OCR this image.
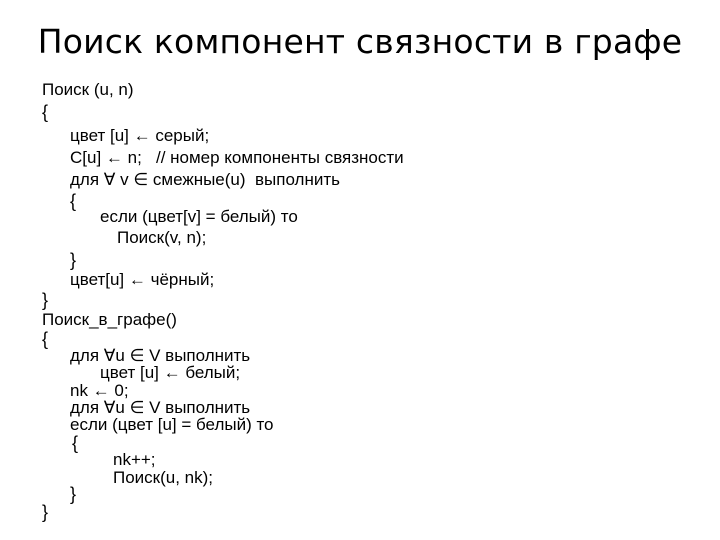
Поиск компонент связности в графе
Поиск (u, n)
{
цвет [u] ← серый;
C[u] ← n;   // номер компоненты связности
для ∀ v ∈ смежные(u)  выполнить
{
если (цвет[v] = белый) то
Поиск(v, n);
}
цвет[u] ← чёрный;
}
Поиск_в_графе()
{
для ∀u ∈ V выполнить
цвет [u] ← белый;
nk ← 0;
для ∀u ∈ V выполнить
если (цвет [u] = белый) то
{
nk++;
Поиск(u, nk);
}
}
